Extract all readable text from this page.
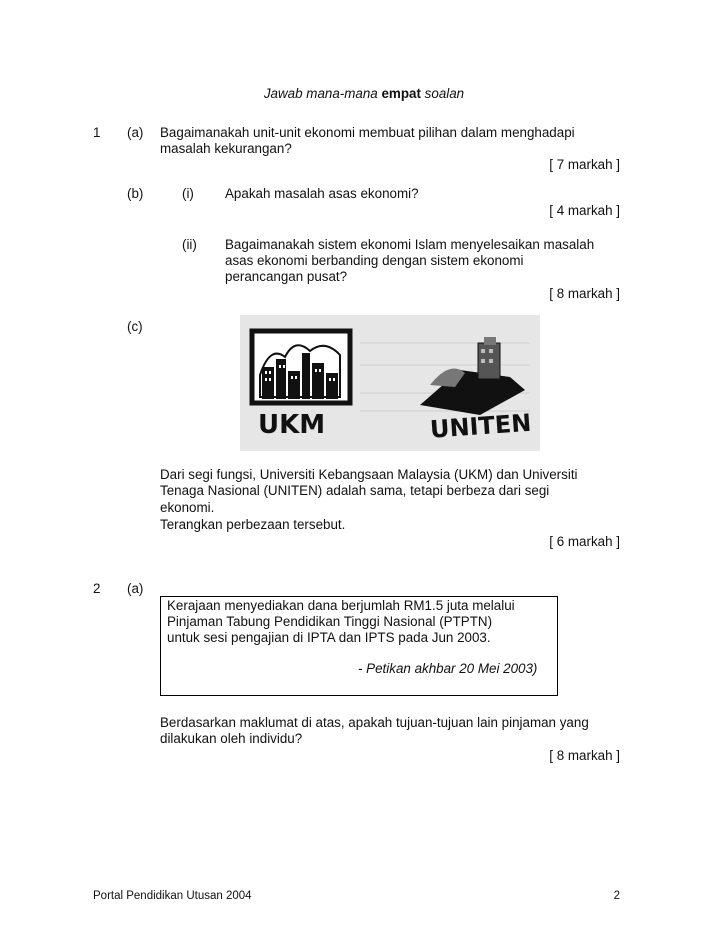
Jawab mana-mana empat soalan
1 (a) Bagaimanakah unit-unit ekonomi membuat pilihan dalam menghadapi
masalah kekurangan?
[ 7 markah ]
(b)	(i) Apakah masalah asas ekonomi?
[ 4 markah ]
(ii) Bagaimanakah sistem ekonomi Islam menyelesaikan masalah
asas ekonomi berbanding dengan sistem ekonomi
perancangan pusat?
[ 8 markah ]
(c)
UKM	UNITEN
Dari segi fungsi, Universiti Kebangsaan Malaysia (UKM) dan Universiti
Tenaga Nasional (UNITEN) adalah sama, tetapi berbeza dari segi
ekonomi.
Terangkan perbezaan tersebut.
[ 6 markah ]
2 (a)
Kerajaan menyediakan dana berjumlah RM1.5 juta melalui
Pinjaman Tabung Pendidikan Tinggi Nasional (PTPTN)
untuk sesi pengajian di IPTA dan IPTS pada Jun 2003.
- Petikan akhbar 20 Mei 2003)
Berdasarkan maklumat di atas, apakah tujuan-tujuan lain pinjaman yang
dilakukan oleh individu?
[ 8 markah ]
Portal Pendidikan Utusan 2004	2
